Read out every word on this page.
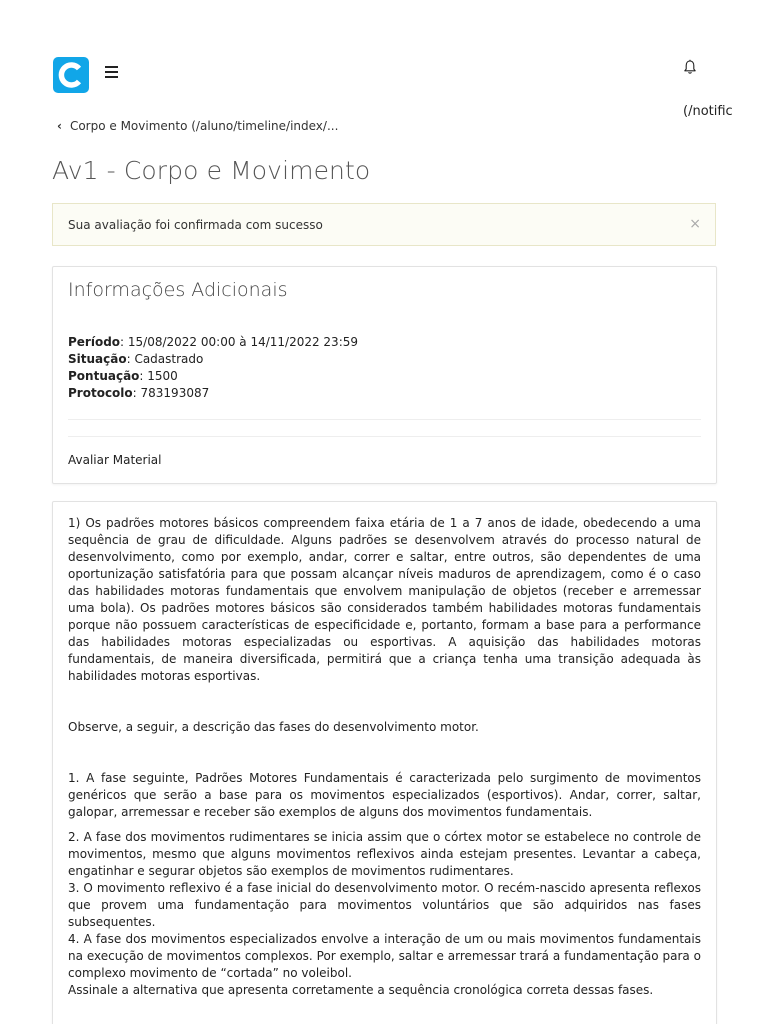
(/notific
‹ Corpo e Movimento (/aluno/timeline/index/...
Av1 - Corpo e Movimento
Sua avaliação foi confirmada com sucesso	×
Informações Adicionais
Período: 15/08/2022 00:00 à 14/11/2022 23:59
Situação: Cadastrado
Pontuação: 1500
Protocolo: 783193087
Avaliar Material

1) Os padrões motores básicos compreendem faixa etária de 1 a 7 anos de idade, obedecendo a uma sequência de grau de dificuldade. Alguns padrões se desenvolvem através do processo natural de desenvolvimento, como por exemplo, andar, correr e saltar, entre outros, são dependentes de uma oportunização satisfatória para que possam alcançar níveis maduros de aprendizagem, como é o caso das habilidades motoras fundamentais que envolvem manipulação de objetos (receber e arremessar uma bola). Os padrões motores básicos são considerados também habilidades motoras fundamentais porque não possuem características de especificidade e, portanto, formam a base para a performance das habilidades motoras especializadas ou esportivas. A aquisição das habilidades motoras fundamentais, de maneira diversificada, permitirá que a criança tenha uma transição adequada às habilidades motoras esportivas.

Observe, a seguir, a descrição das fases do desenvolvimento motor.

1. A fase seguinte, Padrões Motores Fundamentais é caracterizada pelo surgimento de movimentos genéricos que serão a base para os movimentos especializados (esportivos). Andar, correr, saltar, galopar, arremessar e receber são exemplos de alguns dos movimentos fundamentais.

2. A fase dos movimentos rudimentares se inicia assim que o córtex motor se estabelece no controle de movimentos, mesmo que alguns movimentos reflexivos ainda estejam presentes. Levantar a cabeça, engatinhar e segurar objetos são exemplos de movimentos rudimentares.

3. O movimento reflexivo é a fase inicial do desenvolvimento motor. O recém-nascido apresenta reflexos que provem uma fundamentação para movimentos voluntários que são adquiridos nas fases subsequentes.

4. A fase dos movimentos especializados envolve a interação de um ou mais movimentos fundamentais na execução de movimentos complexos. Por exemplo, saltar e arremessar trará a fundamentação para o complexo movimento de “cortada” no voleibol.

Assinale a alternativa que apresenta corretamente a sequência cronológica correta dessas fases.
